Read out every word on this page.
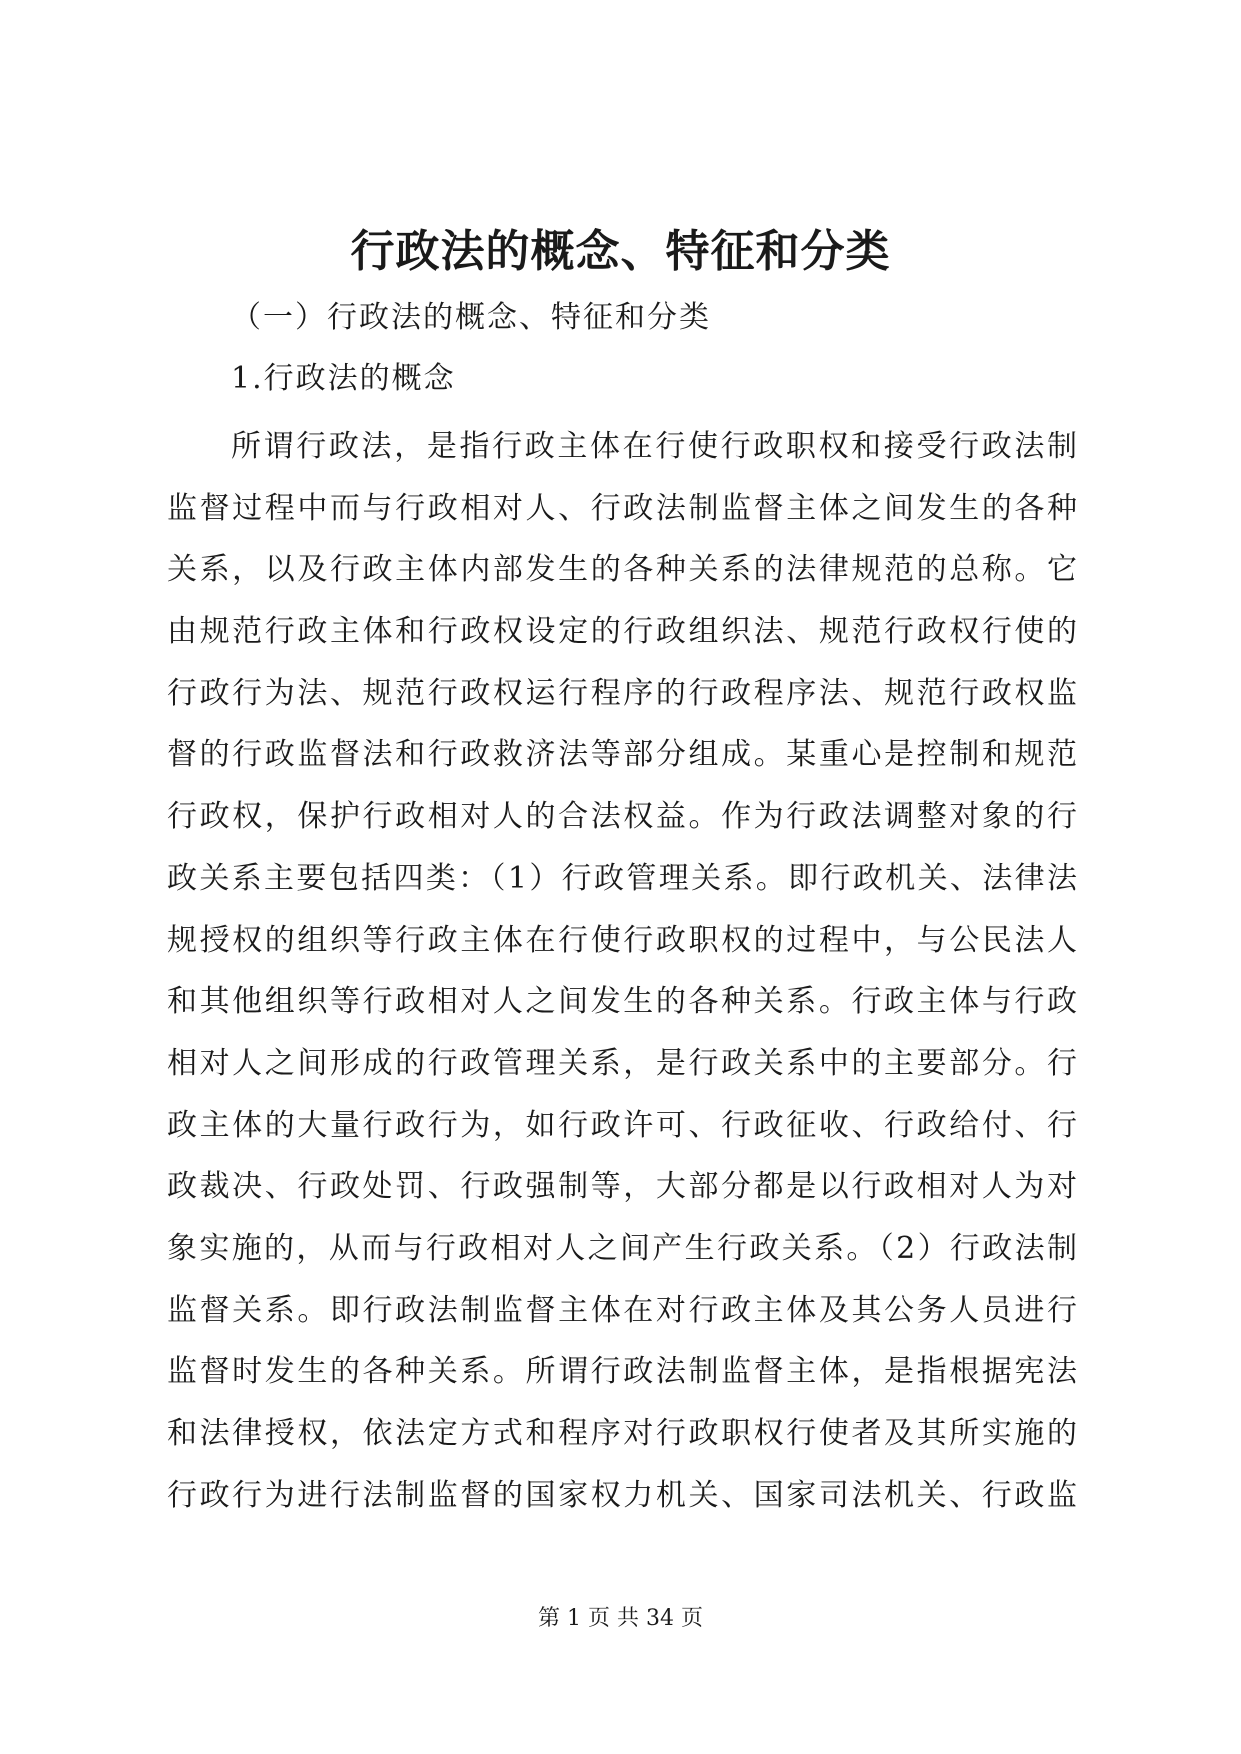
行政法的概念、特征和分类

（一）行政法的概念、特征和分类

1.行政法的概念

所谓行政法，是指行政主体在行使行政职权和接受行政法制
监督过程中而与行政相对人、行政法制监督主体之间发生的各种
关系，以及行政主体内部发生的各种关系的法律规范的总称。它
由规范行政主体和行政权设定的行政组织法、规范行政权行使的
行政行为法、规范行政权运行程序的行政程序法、规范行政权监
督的行政监督法和行政救济法等部分组成。某重心是控制和规范
行政权，保护行政相对人的合法权益。作为行政法调整对象的行
政关系主要包括四类：（1）行政管理关系。即行政机关、法律法
规授权的组织等行政主体在行使行政职权的过程中，与公民法人
和其他组织等行政相对人之间发生的各种关系。行政主体与行政
相对人之间形成的行政管理关系，是行政关系中的主要部分。行
政主体的大量行政行为，如行政许可、行政征收、行政给付、行
政裁决、行政处罚、行政强制等，大部分都是以行政相对人为对
象实施的，从而与行政相对人之间产生行政关系。（2）行政法制
监督关系。即行政法制监督主体在对行政主体及其公务人员进行
监督时发生的各种关系。所谓行政法制监督主体，是指根据宪法
和法律授权，依法定方式和程序对行政职权行使者及其所实施的
行政行为进行法制监督的国家权力机关、国家司法机关、行政监
第 1 页 共 34 页
